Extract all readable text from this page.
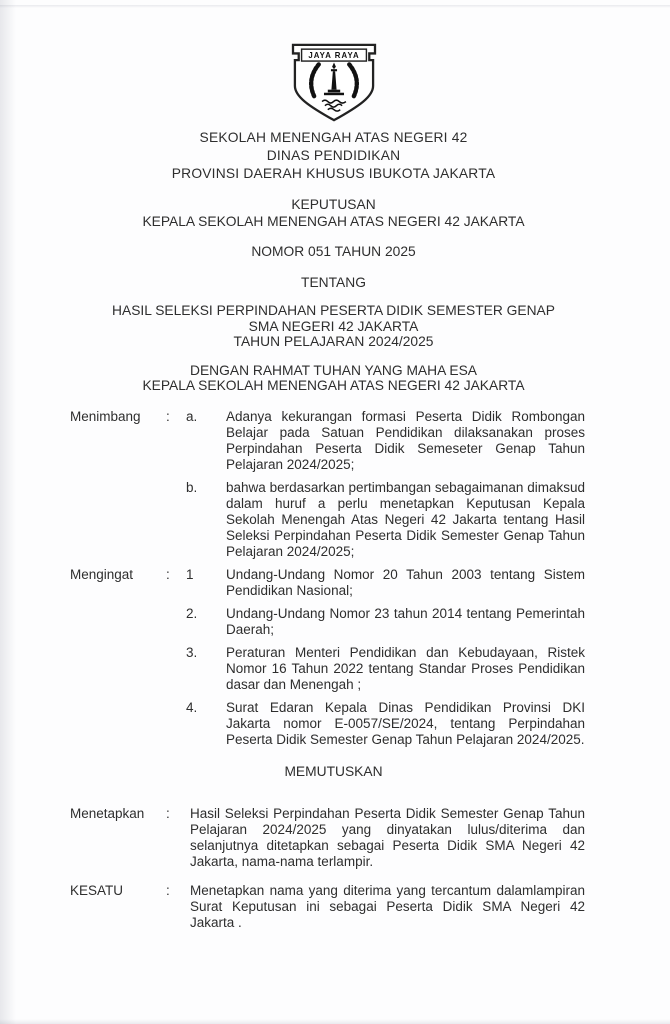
JAYA RAYA
SEKOLAH MENENGAH ATAS NEGERI 42
DINAS PENDIDIKAN
PROVINSI DAERAH KHUSUS IBUKOTA JAKARTA
KEPUTUSAN
KEPALA SEKOLAH MENENGAH ATAS NEGERI 42 JAKARTA
NOMOR 051 TAHUN 2025
TENTANG
HASIL SELEKSI PERPINDAHAN PESERTA DIDIK SEMESTER GENAP
SMA NEGERI 42 JAKARTA
TAHUN PELAJARAN 2024/2025
DENGAN RAHMAT TUHAN YANG MAHA ESA
KEPALA SEKOLAH MENENGAH ATAS NEGERI 42 JAKARTA
Menimbang	:	a.	Adanya kekurangan formasi Peserta Didik Rombongan Belajar pada Satuan Pendidikan dilaksanakan proses Perpindahan Peserta Didik Semeseter Genap Tahun Pelajaran 2024/2025;
b.	bahwa berdasarkan pertimbangan sebagaimanan dimaksud dalam huruf a perlu menetapkan Keputusan Kepala Sekolah Menengah Atas Negeri 42 Jakarta tentang Hasil Seleksi Perpindahan Peserta Didik Semester Genap Tahun Pelajaran 2024/2025;
Mengingat	:	1	Undang-Undang Nomor 20 Tahun 2003 tentang Sistem Pendidikan Nasional;
2.	Undang-Undang Nomor 23 tahun 2014 tentang Pemerintah Daerah;
3.	Peraturan Menteri Pendidikan dan Kebudayaan, Ristek Nomor 16 Tahun 2022 tentang Standar Proses Pendidikan dasar dan Menengah ;
4.	Surat Edaran Kepala Dinas Pendidikan Provinsi DKI Jakarta nomor E-0057/SE/2024, tentang Perpindahan Peserta Didik Semester Genap Tahun Pelajaran 2024/2025.
MEMUTUSKAN
Menetapkan	:	Hasil Seleksi Perpindahan Peserta Didik Semester Genap Tahun Pelajaran 2024/2025 yang dinyatakan lulus/diterima dan selanjutnya ditetapkan sebagai Peserta Didik SMA Negeri 42 Jakarta, nama-nama terlampir.
KESATU	:	Menetapkan nama yang diterima yang tercantum dalamlampiran Surat Keputusan ini sebagai Peserta Didik SMA Negeri 42 Jakarta .
